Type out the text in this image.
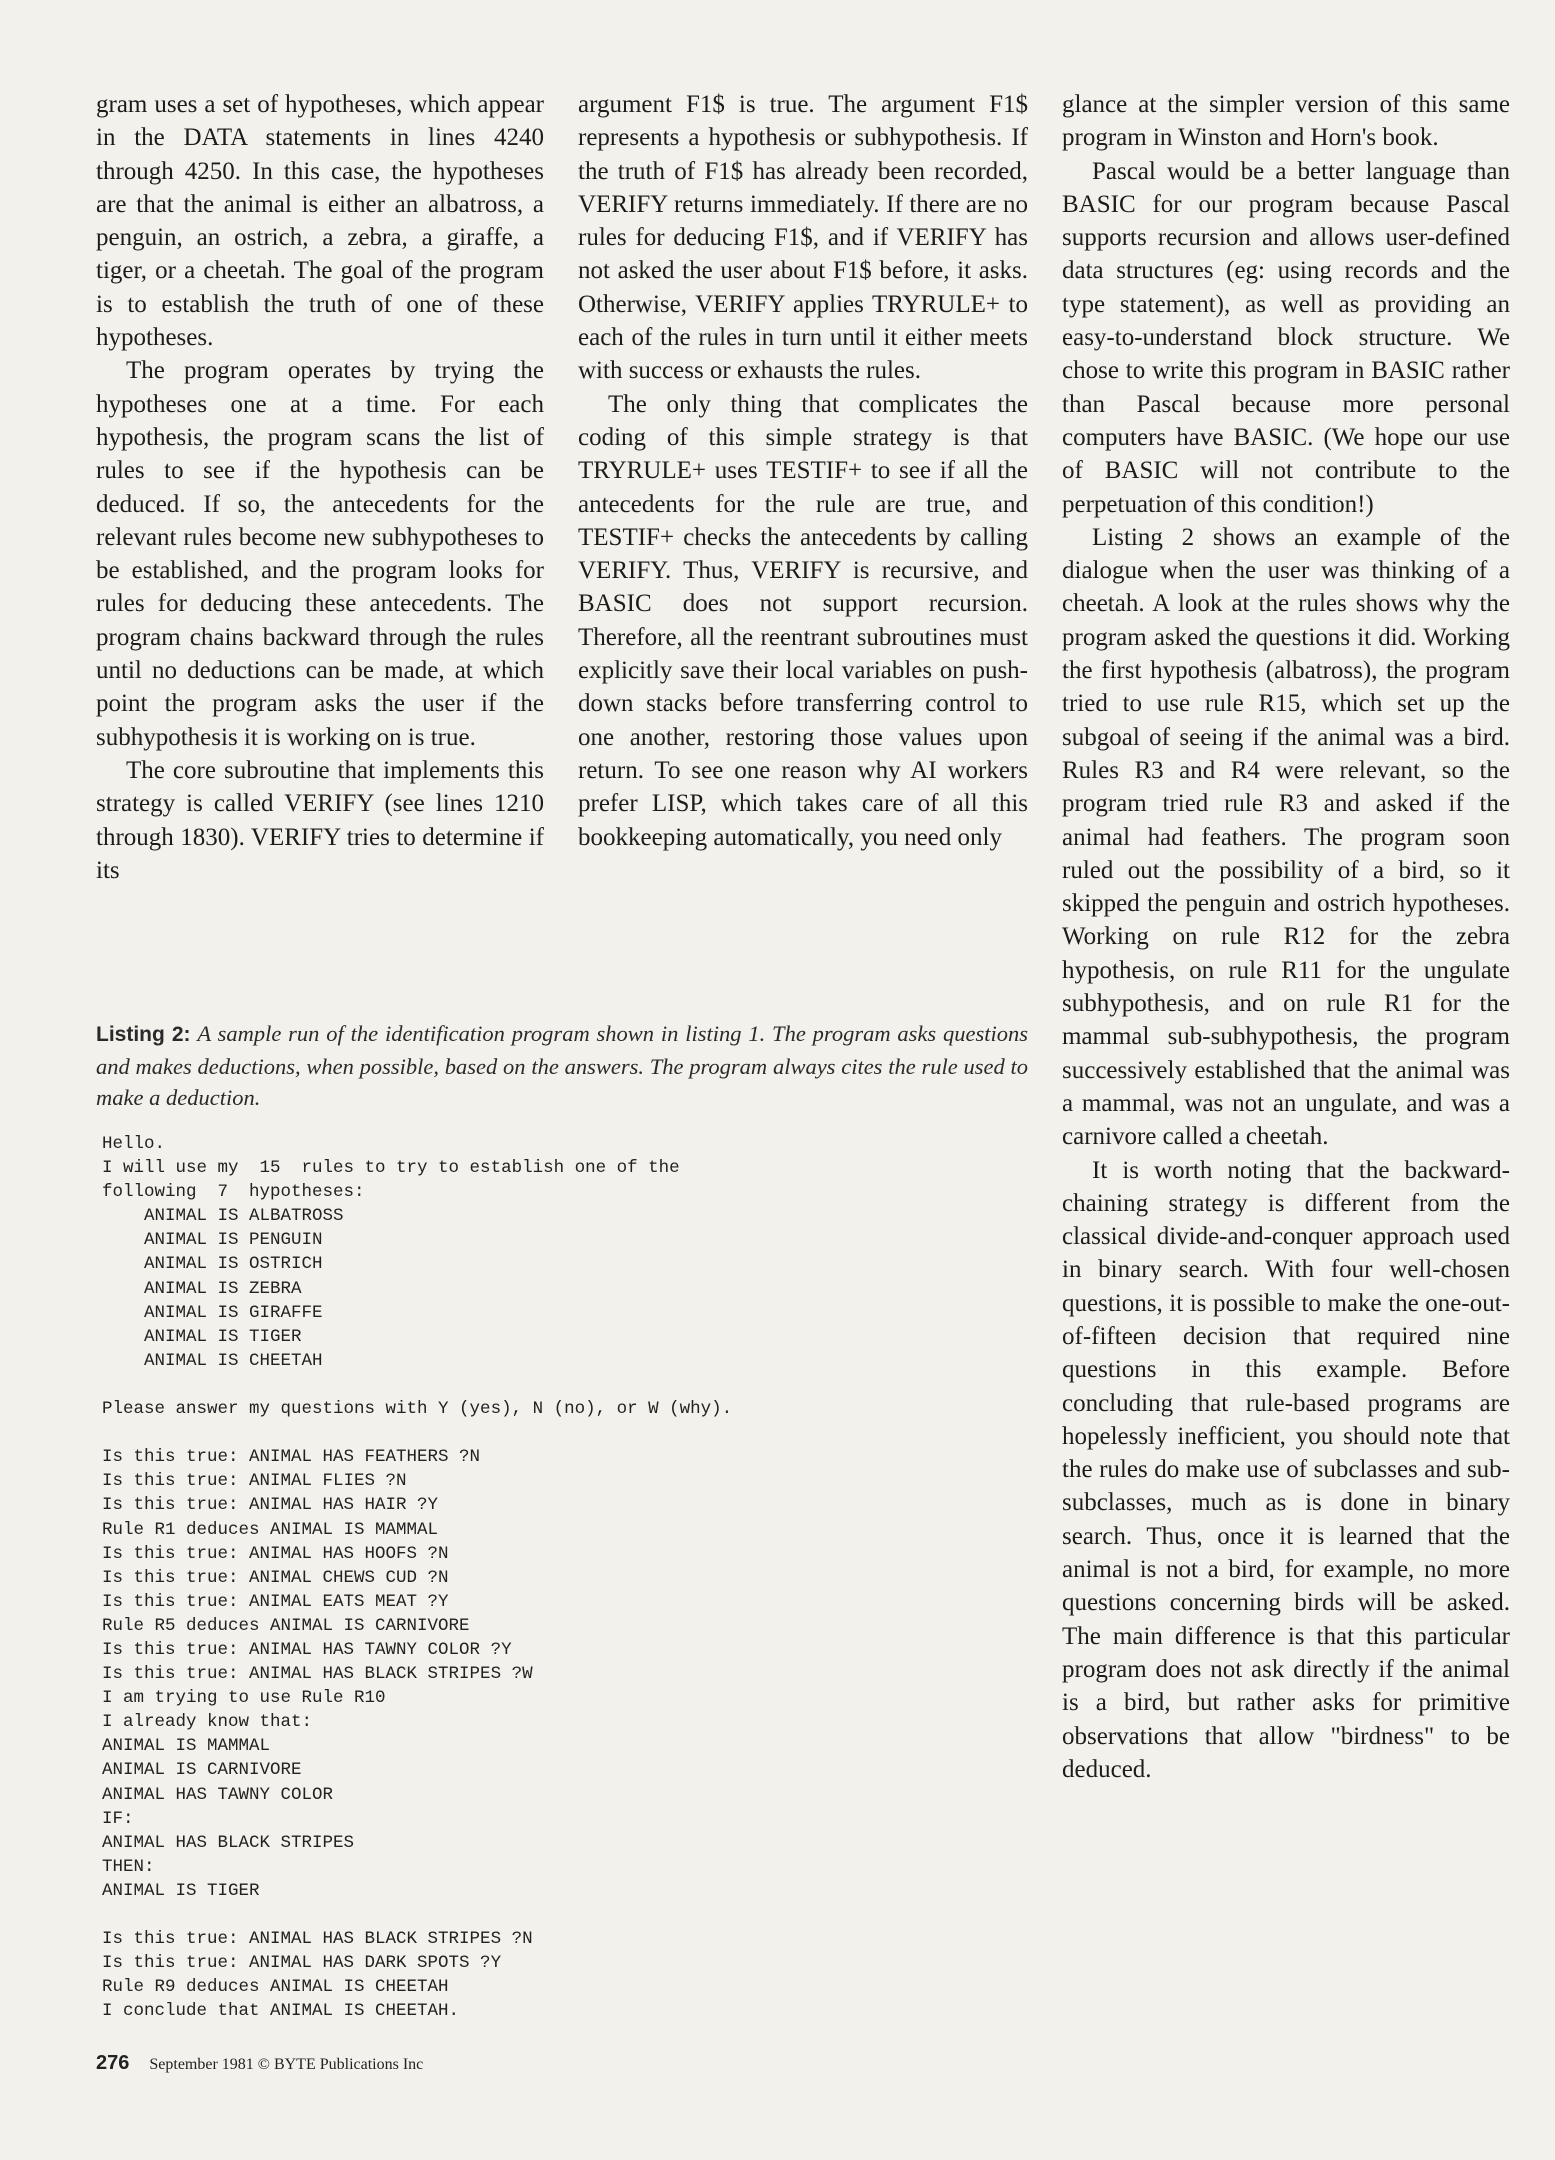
gram uses a set of hypotheses, which appear in the DATA statements in lines 4240 through 4250. In this case, the hypotheses are that the animal is either an albatross, a penguin, an ostrich, a zebra, a giraffe, a tiger, or a cheetah. The goal of the program is to establish the truth of one of these hypotheses.

The program operates by trying the hypotheses one at a time. For each hypothesis, the program scans the list of rules to see if the hypothesis can be deduced. If so, the antecedents for the relevant rules become new subhypotheses to be established, and the program looks for rules for deducing these antecedents. The program chains backward through the rules until no deductions can be made, at which point the program asks the user if the subhypothesis it is working on is true.

The core subroutine that implements this strategy is called VERIFY (see lines 1210 through 1830). VERIFY tries to determine if its

argument F1$ is true. The argument F1$ represents a hypothesis or subhypothesis. If the truth of F1$ has already been recorded, VERIFY returns immediately. If there are no rules for deducing F1$, and if VERIFY has not asked the user about F1$ before, it asks. Otherwise, VERIFY applies TRYRULE+ to each of the rules in turn until it either meets with success or exhausts the rules.

The only thing that complicates the coding of this simple strategy is that TRYRULE+ uses TESTIF+ to see if all the antecedents for the rule are true, and TESTIF+ checks the antecedents by calling VERIFY. Thus, VERIFY is recursive, and BASIC does not support recursion. Therefore, all the reentrant subroutines must explicitly save their local variables on push-down stacks before transferring control to one another, restoring those values upon return. To see one reason why AI workers prefer LISP, which takes care of all this bookkeeping automatically, you need only

glance at the simpler version of this same program in Winston and Horn's book.

Pascal would be a better language than BASIC for our program because Pascal supports recursion and allows user-defined data structures (eg: using records and the type statement), as well as providing an easy-to-understand block structure. We chose to write this program in BASIC rather than Pascal because more personal computers have BASIC. (We hope our use of BASIC will not contribute to the perpetuation of this condition!)

Listing 2 shows an example of the dialogue when the user was thinking of a cheetah. A look at the rules shows why the program asked the questions it did. Working the first hypothesis (albatross), the program tried to use rule R15, which set up the subgoal of seeing if the animal was a bird. Rules R3 and R4 were relevant, so the program tried rule R3 and asked if the animal had feathers. The program soon ruled out the possibility of a bird, so it skipped the penguin and ostrich hypotheses. Working on rule R12 for the zebra hypothesis, on rule R11 for the ungulate subhypothesis, and on rule R1 for the mammal sub-subhypothesis, the program successively established that the animal was a mammal, was not an ungulate, and was a carnivore called a cheetah.

It is worth noting that the backward-chaining strategy is different from the classical divide-and-conquer approach used in binary search. With four well-chosen questions, it is possible to make the one-out-of-fifteen decision that required nine questions in this example. Before concluding that rule-based programs are hopelessly inefficient, you should note that the rules do make use of subclasses and sub-subclasses, much as is done in binary search. Thus, once it is learned that the animal is not a bird, for example, no more questions concerning birds will be asked. The main difference is that this particular program does not ask directly if the animal is a bird, but rather asks for primitive observations that allow "birdness" to be deduced.

Listing 2: A sample run of the identification program shown in listing 1. The program asks questions and makes deductions, when possible, based on the answers. The program always cites the rule used to make a deduction.
Hello.
I will use my  15  rules to try to establish one of the
following  7  hypotheses:
ANIMAL IS ALBATROSS
ANIMAL IS PENGUIN
ANIMAL IS OSTRICH
ANIMAL IS ZEBRA
ANIMAL IS GIRAFFE
ANIMAL IS TIGER
ANIMAL IS CHEETAH

Please answer my questions with Y (yes), N (no), or W (why).

Is this true: ANIMAL HAS FEATHERS ?N
Is this true: ANIMAL FLIES ?N
Is this true: ANIMAL HAS HAIR ?Y
Rule R1 deduces ANIMAL IS MAMMAL
Is this true: ANIMAL HAS HOOFS ?N
Is this true: ANIMAL CHEWS CUD ?N
Is this true: ANIMAL EATS MEAT ?Y
Rule R5 deduces ANIMAL IS CARNIVORE
Is this true: ANIMAL HAS TAWNY COLOR ?Y
Is this true: ANIMAL HAS BLACK STRIPES ?W
I am trying to use Rule R10
I already know that:
ANIMAL IS MAMMAL
ANIMAL IS CARNIVORE
ANIMAL HAS TAWNY COLOR
IF:
ANIMAL HAS BLACK STRIPES
THEN:
ANIMAL IS TIGER

Is this true: ANIMAL HAS BLACK STRIPES ?N
Is this true: ANIMAL HAS DARK SPOTS ?Y
Rule R9 deduces ANIMAL IS CHEETAH
I conclude that ANIMAL IS CHEETAH.
276 September 1981 © BYTE Publications Inc
